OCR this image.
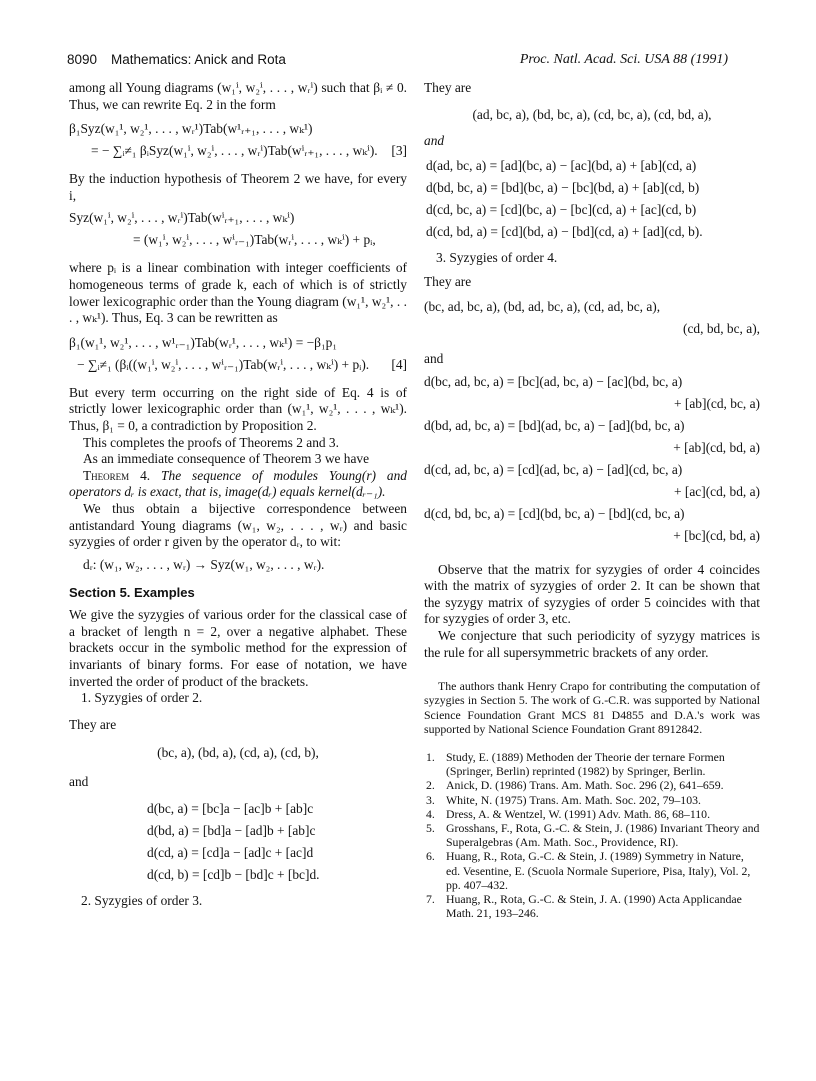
8090 Mathematics: Anick and Rota	Proc. Natl. Acad. Sci. USA 88 (1991)

among all Young diagrams (w₁ⁱ, w₂ⁱ, . . . , wᵣⁱ) such that βᵢ ≠ 0. Thus, we can rewrite Eq. 2 in the form

β₁Syz(w₁¹, w₂¹, . . . , wᵣ¹)Tab(w¹ᵣ₊₁, . . . , wₖ¹)
= − ∑ᵢ≠₁ βᵢSyz(w₁ⁱ, w₂ⁱ, . . . , wᵣⁱ)Tab(wⁱᵣ₊₁, . . . , wₖⁱ). [3]

By the induction hypothesis of Theorem 2 we have, for every i,

Syz(w₁ⁱ, w₂ⁱ, . . . , wᵣⁱ)Tab(wⁱᵣ₊₁, . . . , wₖⁱ)
= (w₁ⁱ, w₂ⁱ, . . . , wⁱᵣ₋₁)Tab(wᵣⁱ, . . . , wₖⁱ) + pᵢ,

where pᵢ is a linear combination with integer coefficients of homogeneous terms of grade k, each of which is of strictly lower lexicographic order than the Young diagram (w₁¹, w₂¹, . . . , wₖ¹). Thus, Eq. 3 can be rewritten as

β₁(w₁¹, w₂¹, . . . , w¹ᵣ₋₁)Tab(wᵣ¹, . . . , wₖ¹) = −β₁p₁
− ∑ᵢ≠₁ (βᵢ((w₁ⁱ, w₂ⁱ, . . . , wⁱᵣ₋₁)Tab(wᵣⁱ, . . . , wₖⁱ) + pᵢ). [4]

But every term occurring on the right side of Eq. 4 is of strictly lower lexicographic order than (w₁¹, w₂¹, . . . , wₖ¹). Thus, β₁ = 0, a contradiction by Proposition 2.

This completes the proofs of Theorems 2 and 3.

As an immediate consequence of Theorem 3 we have

Theorem 4. The sequence of modules Young(r) and operators dᵣ is exact, that is, image(dᵣ) equals kernel(dᵣ₋₁).

We thus obtain a bijective correspondence between antistandard Young diagrams (w₁, w₂, . . . , wᵣ) and basic syzygies of order r given by the operator dᵣ, to wit:

dᵣ: (w₁, w₂, . . . , wᵣ) → Syz(w₁, w₂, . . . , wᵣ).
Section 5. Examples

We give the syzygies of various order for the classical case of a bracket of length n = 2, over a negative alphabet. These brackets occur in the symbolic method for the expression of invariants of binary forms. For ease of notation, we have inverted the order of product of the brackets.

1. Syzygies of order 2.
They are
(bc, a), (bd, a), (cd, a), (cd, b),
and
d(bc, a) = [bc]a − [ac]b + [ab]c
d(bd, a) = [bd]a − [ad]b + [ab]c
d(cd, a) = [cd]a − [ad]c + [ac]d
d(cd, b) = [cd]b − [bd]c + [bc]d.
2. Syzygies of order 3.
They are
(ad, bc, a), (bd, bc, a), (cd, bc, a), (cd, bd, a),
and
d(ad, bc, a) = [ad](bc, a) − [ac](bd, a) + [ab](cd, a)
d(bd, bc, a) = [bd](bc, a) − [bc](bd, a) + [ab](cd, b)
d(cd, bc, a) = [cd](bc, a) − [bc](cd, a) + [ac](cd, b)
d(cd, bd, a) = [cd](bd, a) − [bd](cd, a) + [ad](cd, b).
3. Syzygies of order 4.
They are
(bc, ad, bc, a), (bd, ad, bc, a), (cd, ad, bc, a),
(cd, bd, bc, a),
and
d(bc, ad, bc, a) = [bc](ad, bc, a) − [ac](bd, bc, a)
+ [ab](cd, bc, a)
d(bd, ad, bc, a) = [bd](ad, bc, a) − [ad](bd, bc, a)
+ [ab](cd, bd, a)
d(cd, ad, bc, a) = [cd](ad, bc, a) − [ad](cd, bc, a)
+ [ac](cd, bd, a)
d(cd, bd, bc, a) = [cd](bd, bc, a) − [bd](cd, bc, a)
+ [bc](cd, bd, a)

Observe that the matrix for syzygies of order 4 coincides with the matrix of syzygies of order 2. It can be shown that the syzygy matrix of syzygies of order 5 coincides with that for syzygies of order 3, etc.

We conjecture that such periodicity of syzygy matrices is the rule for all supersymmetric brackets of any order.

The authors thank Henry Crapo for contributing the computation of syzygies in Section 5. The work of G.-C.R. was supported by National Science Foundation Grant MCS 81 D4855 and D.A.'s work was supported by National Science Foundation Grant 8912842.

1. Study, E. (1889) Methoden der Theorie der ternare Formen (Springer, Berlin) reprinted (1982) by Springer, Berlin.
2. Anick, D. (1986) Trans. Am. Math. Soc. 296 (2), 641–659.
3. White, N. (1975) Trans. Am. Math. Soc. 202, 79–103.
4. Dress, A. & Wentzel, W. (1991) Adv. Math. 86, 68–110.
5. Grosshans, F., Rota, G.-C. & Stein, J. (1986) Invariant Theory and Superalgebras (Am. Math. Soc., Providence, RI).
6. Huang, R., Rota, G.-C. & Stein, J. (1989) Symmetry in Nature, ed. Vesentine, E. (Scuola Normale Superiore, Pisa, Italy), Vol. 2, pp. 407–432.
7. Huang, R., Rota, G.-C. & Stein, J. A. (1990) Acta Applicandae Math. 21, 193–246.
